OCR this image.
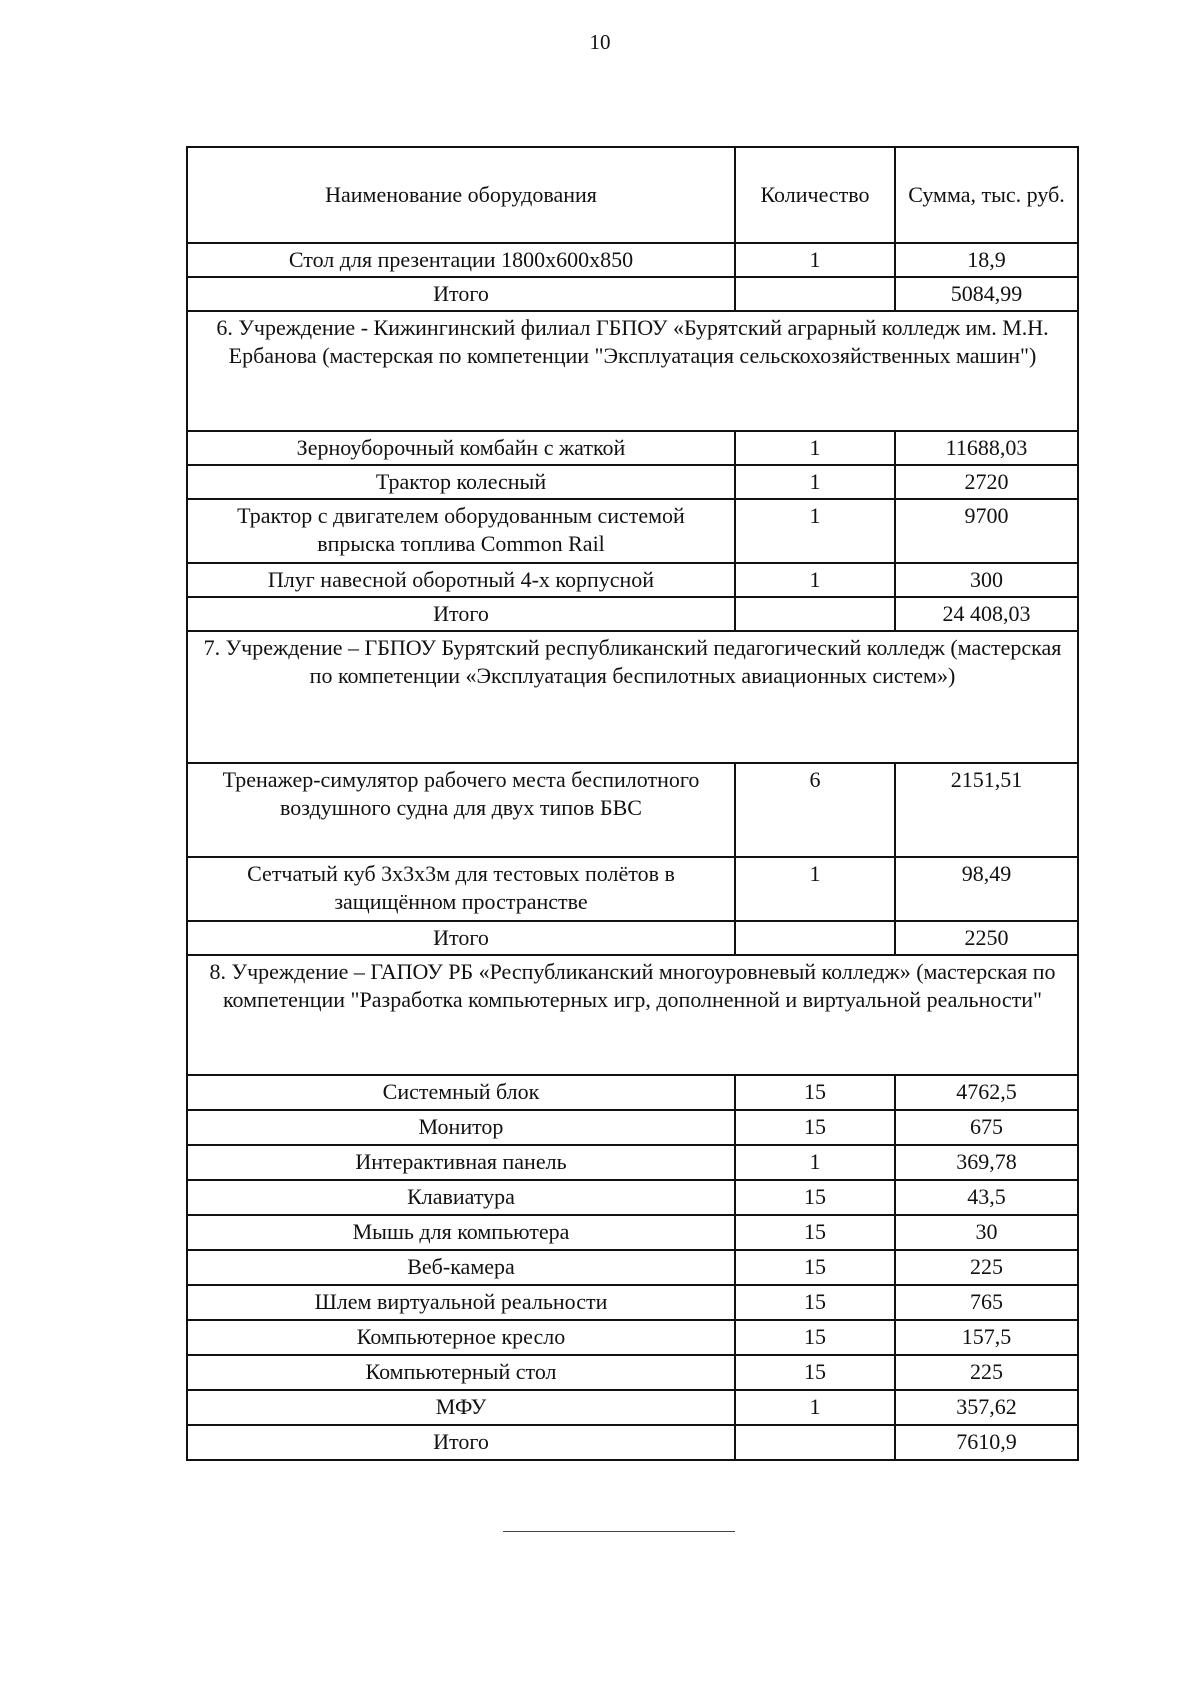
10
Наименование оборудования	Количество	Сумма, тыс. руб.
Стол для презентации 1800х600х850	1	18,9
Итого		5084,99
6. Учреждение - Кижингинский филиал ГБПОУ «Бурятский аграрный колледж им. М.Н. Ербанова (мастерская по компетенции "Эксплуатация сельскохозяйственных машин")		
Зерноуборочный комбайн с жаткой	1	11688,03
Трактор колесный	1	2720
Трактор с двигателем оборудованным системой впрыска топлива Common Rail	1	9700
Плуг навесной оборотный 4-х корпусной	1	300
Итого		24 408,03
7. Учреждение – ГБПОУ Бурятский республиканский педагогический колледж (мастерская по компетенции «Эксплуатация беспилотных авиационных систем»)		
Тренажер-симулятор рабочего места беспилотного воздушного судна для двух типов БВС	6	2151,51
Сетчатый куб 3х3х3м для тестовых полётов в защищённом пространстве	1	98,49
Итого		2250
8. Учреждение – ГАПОУ РБ «Республиканский многоуровневый колледж» (мастерская по компетенции "Разработка компьютерных игр, дополненной и виртуальной реальности"		
Системный блок	15	4762,5
Монитор	15	675
Интерактивная панель	1	369,78
Клавиатура	15	43,5
Мышь для компьютера	15	30
Веб-камера	15	225
Шлем виртуальной реальности	15	765
Компьютерное кресло	15	157,5
Компьютерный стол	15	225
МФУ	1	357,62
Итого		7610,9
